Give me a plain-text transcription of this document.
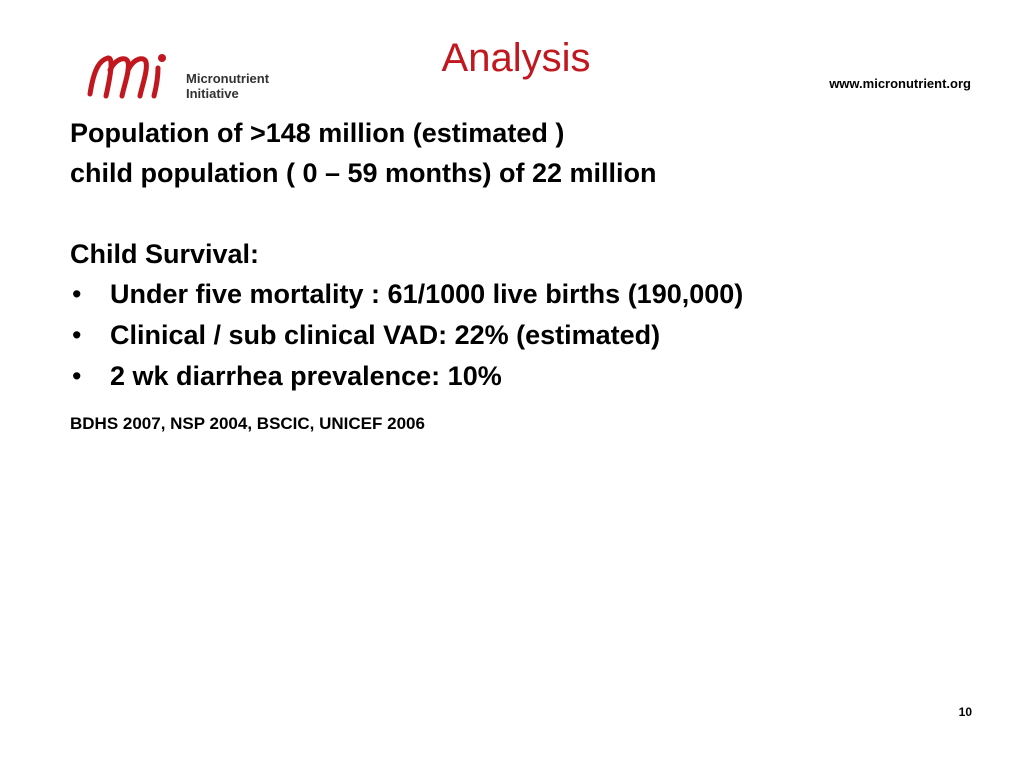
Micronutrient
Initiative
Analysis
www.micronutrient.org

Population of >148 million (estimated )

child population ( 0 – 59 months) of 22 million

Child Survival:

• Under five mortality : 61/1000 live births (190,000)
• Clinical / sub clinical VAD: 22% (estimated)
• 2 wk diarrhea prevalence: 10%
BDHS 2007, NSP 2004, BSCIC, UNICEF 2006
10
